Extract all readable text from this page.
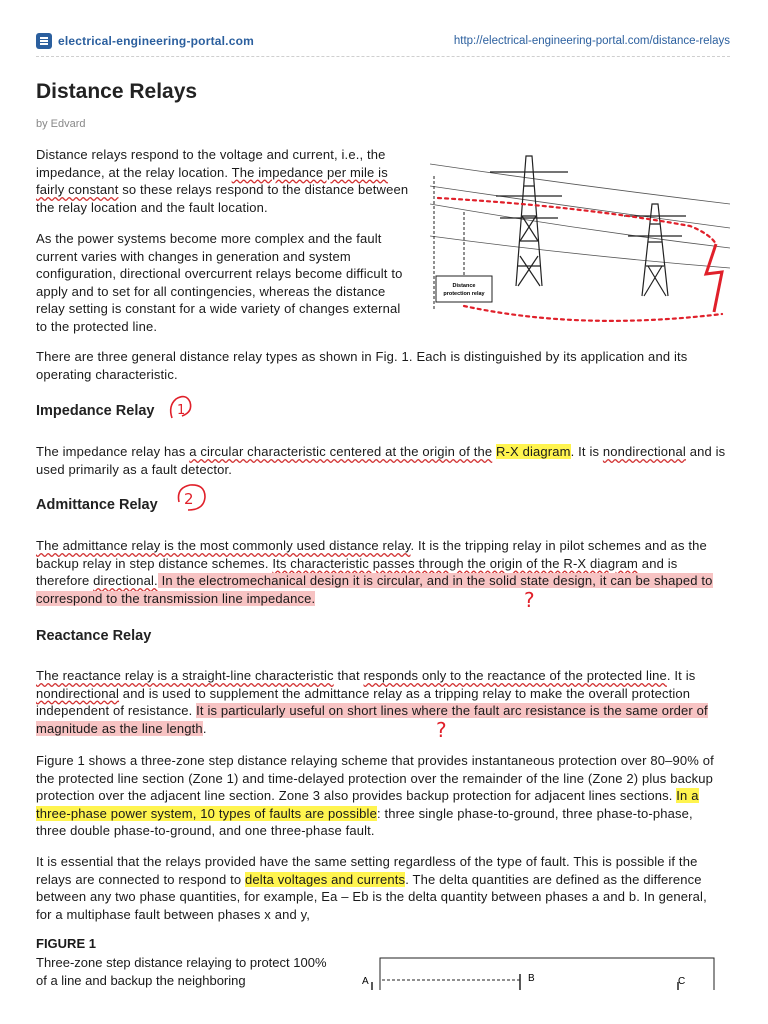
electrical-engineering-portal.com	http://electrical-engineering-portal.com/distance-relays
Distance Relays
by Edvard

Distance relays respond to the voltage and current, i.e., the impedance, at the relay location. The impedance per mile is fairly constant so these relays respond to the distance between the relay location and the fault location.

As the power systems become more complex and the fault current varies with changes in generation and system configuration, directional overcurrent relays become difficult to apply and to set for all contingencies, whereas the distance relay setting is constant for a wide variety of changes external to the protected line.

Distance
protection relay

There are three general distance relay types as shown in Fig. 1. Each is distinguished by its application and its operating characteristic.

Impedance Relay 1

The impedance relay has a circular characteristic centered at the origin of the R-X diagram. It is nondirectional and is used primarily as a fault detector.

Admittance Relay 2

The admittance relay is the most commonly used distance relay. It is the tripping relay in pilot schemes and as the backup relay in step distance schemes. Its characteristic passes through the origin of the R-X diagram and is therefore directional. In the electromechanical design it is circular, and in the solid state design, it can be shaped to correspond to the transmission line impedance.	?
Reactance Relay

The reactance relay is a straight-line characteristic that responds only to the reactance of the protected line. It is nondirectional and is used to supplement the admittance relay as a tripping relay to make the overall protection independent of resistance. It is particularly useful on short lines where the fault arc resistance is the same order of magnitude as the line length.	?

Figure 1 shows a three-zone step distance relaying scheme that provides instantaneous protection over 80–90% of the protected line section (Zone 1) and time-delayed protection over the remainder of the line (Zone 2) plus backup protection over the adjacent line section. Zone 3 also provides backup protection for adjacent lines sections. In a three-phase power system, 10 types of faults are possible: three single phase-to-ground, three phase-to-phase, three double phase-to-ground, and one three-phase fault.

It is essential that the relays provided have the same setting regardless of the type of fault. This is possible if the relays are connected to respond to delta voltages and currents. The delta quantities are defined as the difference between any two phase quantities, for example, Ea – Eb is the delta quantity between phases a and b. In general, for a multiphase fault between phases x and y,

FIGURE 1
Three-zone step distance relaying to protect 100% of a line and backup the neighboring	A	B	C
